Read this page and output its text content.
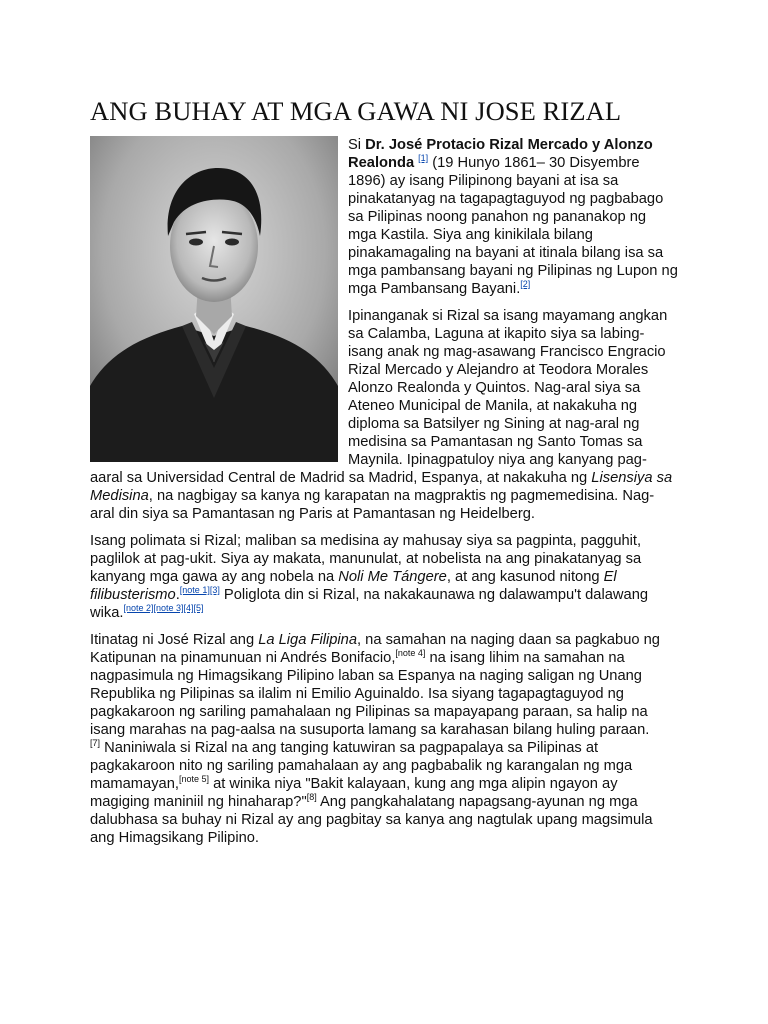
ANG BUHAY AT MGA GAWA NI JOSE RIZAL

Si Dr. José Protacio Rizal Mercado y Alonzo Realonda [1] (19 Hunyo 1861– 30 Disyembre 1896) ay isang Pilipinong bayani at isa sa pinakatanyag na tagapagtaguyod ng pagbabago sa Pilipinas noong panahon ng pananakop ng mga Kastila. Siya ang kinikilala bilang pinakamagaling na bayani at itinala bilang isa sa mga pambansang bayani ng Pilipinas ng Lupon ng mga Pambansang Bayani.[2]

Ipinanganak si Rizal sa isang mayamang angkan sa Calamba, Laguna at ikapito siya sa labing-isang anak ng mag-asawang Francisco Engracio Rizal Mercado y Alejandro at Teodora Morales Alonzo Realonda y Quintos. Nag-aral siya sa Ateneo Municipal de Manila, at nakakuha ng diploma sa Batsilyer ng Sining at nag-aral ng medisina sa Pamantasan ng Santo Tomas sa Maynila. Ipinagpatuloy niya ang kanyang pag-aaral sa Universidad Central de Madrid sa Madrid, Espanya, at nakakuha ng Lisensiya sa Medisina, na nagbigay sa kanya ng karapatan na magpraktis ng pagmemedisina. Nag-aral din siya sa Pamantasan ng Paris at Pamantasan ng Heidelberg.

Isang polimata si Rizal; maliban sa medisina ay mahusay siya sa pagpinta, pagguhit, paglilok at pag-ukit. Siya ay makata, manunulat, at nobelista na ang pinakatanyag sa kanyang mga gawa ay ang nobela na Noli Me Tángere, at ang kasunod nitong El filibusterismo.[note 1][3] Poliglota din si Rizal, na nakakaunawa ng dalawampu't dalawang wika.[note 2][note 3][4][5]

Itinatag ni José Rizal ang La Liga Filipina, na samahan na naging daan sa pagkabuo ng Katipunan na pinamunuan ni Andrés Bonifacio,[note 4] na isang lihim na samahan na nagpasimula ng Himagsikang Pilipino laban sa Espanya na naging saligan ng Unang Republika ng Pilipinas sa ilalim ni Emilio Aguinaldo. Isa siyang tagapagtaguyod ng pagkakaroon ng sariling pamahalaan ng Pilipinas sa mapayapang paraan, sa halip na isang marahas na pag-aalsa na susuporta lamang sa karahasan bilang huling paraan.
[7] Naniniwala si Rizal na ang tanging katuwiran sa pagpapalaya sa Pilipinas at pagkakaroon nito ng sariling pamahalaan ay ang pagbabalik ng karangalan ng mga mamamayan,[note 5] at winika niya "Bakit kalayaan, kung ang mga alipin ngayon ay magiging maniniil ng hinaharap?"[8] Ang pangkahalatang napagsang-ayunan ng mga dalubhasa sa buhay ni Rizal ay ang pagbitay sa kanya ang nagtulak upang magsimula ang Himagsikang Pilipino.
